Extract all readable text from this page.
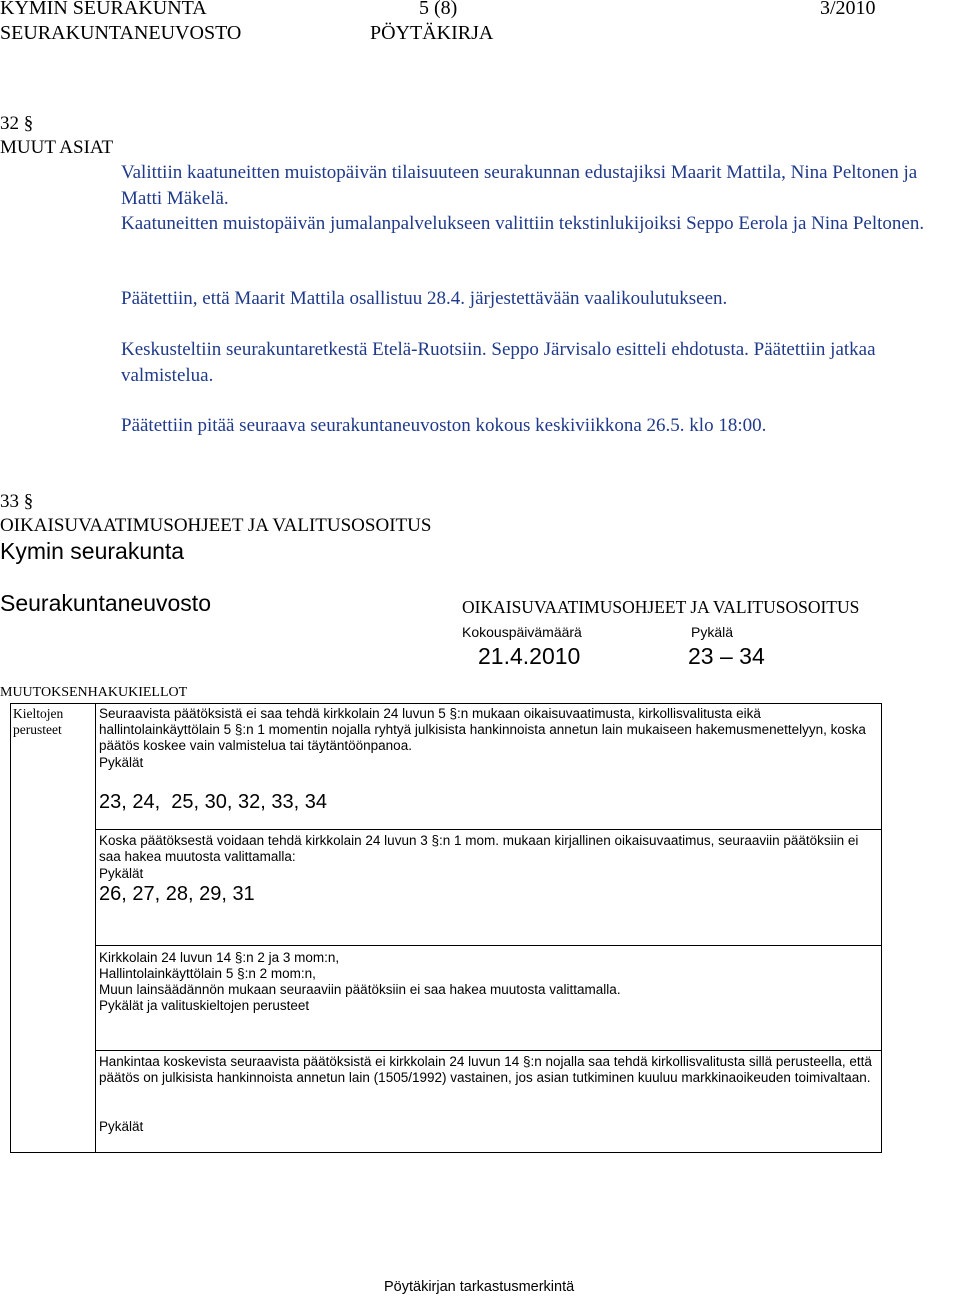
KYMIN SEURAKUNTA	5 (8)	3/2010
SEURAKUNTANEUVOSTO	PÖYTÄKIRJA
32 §
MUUT ASIAT
Valittiin kaatuneitten muistopäivän tilaisuuteen seurakunnan edustajiksi Maarit Mattila, Nina Peltonen ja Matti Mäkelä.
Kaatuneitten muistopäivän jumalanpalvelukseen valittiin tekstinlukijoiksi Seppo Eerola ja Nina Peltonen.
Päätettiin, että Maarit Mattila osallistuu 28.4. järjestettävään vaalikoulutukseen.
Keskusteltiin seurakuntaretkestä Etelä-Ruotsiin. Seppo Järvisalo esitteli ehdotusta. Päätettiin jatkaa valmistelua.
Päätettiin pitää seuraava seurakuntaneuvoston kokous keskiviikkona 26.5. klo 18:00.
33 §
OIKAISUVAATIMUSOHJEET JA VALITUSOSOITUS
Kymin seurakunta
Seurakuntaneuvosto	OIKAISUVAATIMUSOHJEET JA VALITUSOSOITUS
Kokouspäivämäärä	Pykälä
21.4.2010	23 – 34
MUUTOKSENHAKUKIELLOT
Kieltojen
perusteet
Seuraavista päätöksistä ei saa tehdä kirkkolain 24 luvun 5 §:n mukaan oikaisuvaatimusta, kirkollisvalitusta eikä hallintolainkäyttölain 5 §:n 1 momentin nojalla ryhtyä julkisista hankinnoista annetun lain mukaiseen hakemusmenettelyyn, koska päätös koskee vain valmistelua tai täytäntöönpanoa.
Pykälät
23, 24,  25, 30, 32, 33, 34
Koska päätöksestä voidaan tehdä kirkkolain 24 luvun 3 §:n 1 mom. mukaan kirjallinen oikaisuvaatimus, seuraaviin päätöksiin ei saa hakea muutosta valittamalla:
Pykälät
26, 27, 28, 29, 31
Kirkkolain 24 luvun 14 §:n 2 ja 3 mom:n,
Hallintolainkäyttölain 5 §:n 2 mom:n,
Muun lainsäädännön mukaan seuraaviin päätöksiin ei saa hakea muutosta valittamalla.
Pykälät ja valituskieltojen perusteet
Hankintaa koskevista seuraavista päätöksistä ei kirkkolain 24 luvun 14 §:n nojalla saa tehdä kirkollisvalitusta sillä perusteella, että päätös on julkisista hankinnoista annetun lain (1505/1992) vastainen, jos asian tutkiminen kuuluu markkinaoikeuden toimivaltaan.
Pykälät
Pöytäkirjan tarkastusmerkintä
